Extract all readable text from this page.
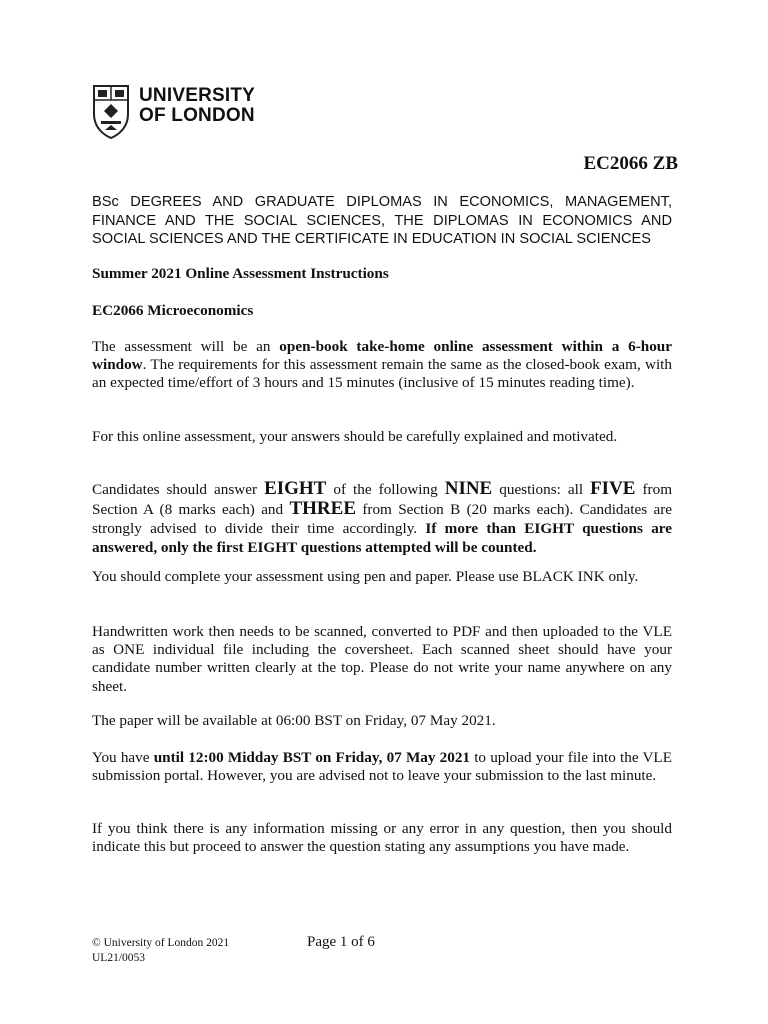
UNIVERSITY
OF LONDON
EC2066 ZB
BSc DEGREES AND GRADUATE DIPLOMAS IN ECONOMICS, MANAGEMENT, FINANCE AND THE SOCIAL SCIENCES, THE DIPLOMAS IN ECONOMICS AND SOCIAL SCIENCES AND THE CERTIFICATE IN EDUCATION IN SOCIAL SCIENCES
Summer 2021 Online Assessment Instructions
EC2066 Microeconomics
The assessment will be an open-book take-home online assessment within a 6-hour window. The requirements for this assessment remain the same as the closed-book exam, with an expected time/effort of 3 hours and 15 minutes (inclusive of 15 minutes reading time).
For this online assessment, your answers should be carefully explained and motivated.
Candidates should answer EIGHT of the following NINE questions: all FIVE from Section A (8 marks each) and THREE from Section B (20 marks each). Candidates are strongly advised to divide their time accordingly. If more than EIGHT questions are answered, only the first EIGHT questions attempted will be counted.
You should complete your assessment using pen and paper. Please use BLACK INK only.
Handwritten work then needs to be scanned, converted to PDF and then uploaded to the VLE as ONE individual file including the coversheet. Each scanned sheet should have your candidate number written clearly at the top. Please do not write your name anywhere on any sheet.
The paper will be available at 06:00 BST on Friday, 07 May 2021.
You have until 12:00 Midday BST on Friday, 07 May 2021 to upload your file into the VLE submission portal. However, you are advised not to leave your submission to the last minute.
If you think there is any information missing or any error in any question, then you should indicate this but proceed to answer the question stating any assumptions you have made.
© University of London 2021
UL21/0053
Page 1 of 6
